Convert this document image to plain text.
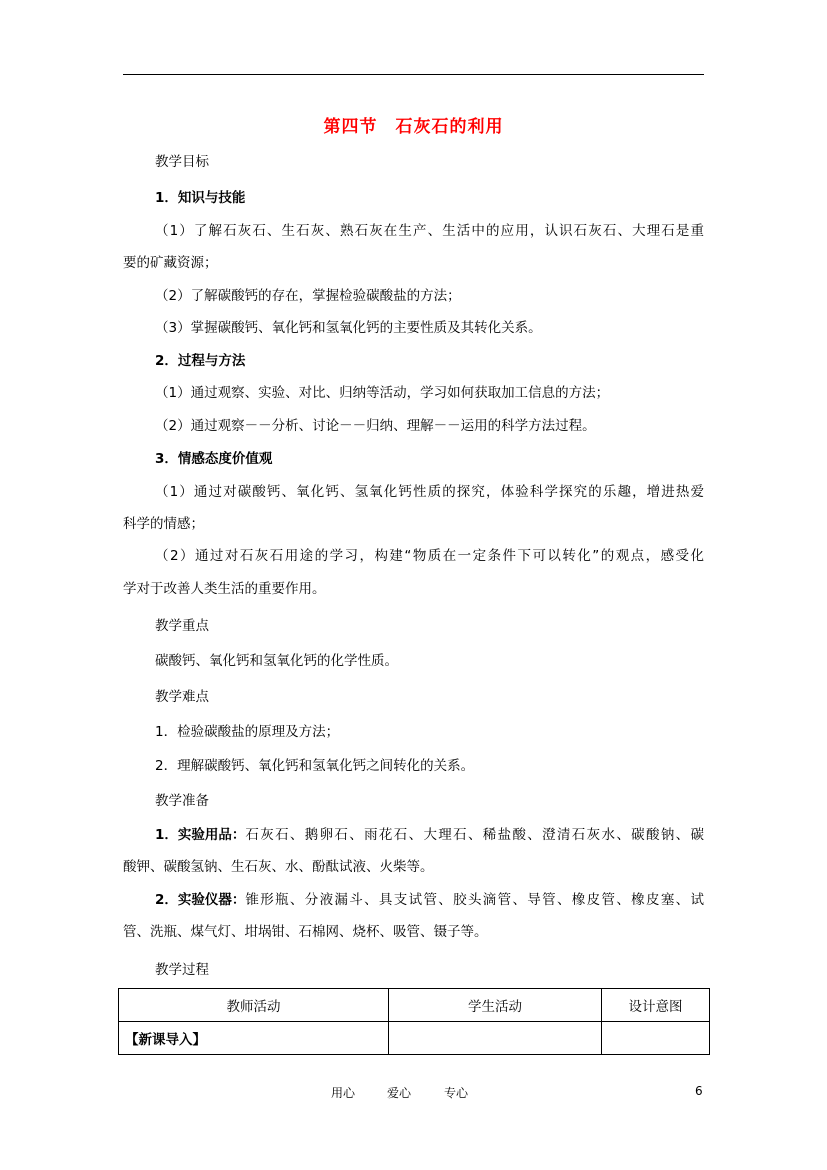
第四节　石灰石的利用
教学目标
1．知识与技能
（1）了解石灰石、生石灰、熟石灰在生产、生活中的应用，认识石灰石、大理石是重
要的矿藏资源；
（2）了解碳酸钙的存在，掌握检验碳酸盐的方法；
（3）掌握碳酸钙、氧化钙和氢氧化钙的主要性质及其转化关系。
2．过程与方法
（1）通过观察、实验、对比、归纳等活动，学习如何获取加工信息的方法；
（2）通过观察－－分析、讨论－－归纳、理解－－运用的科学方法过程。
3．情感态度价值观
（1）通过对碳酸钙、氧化钙、氢氧化钙性质的探究，体验科学探究的乐趣，增进热爱
科学的情感；
（2）通过对石灰石用途的学习，构建“物质在一定条件下可以转化”的观点，感受化
学对于改善人类生活的重要作用。
教学重点
碳酸钙、氧化钙和氢氧化钙的化学性质。
教学难点
1．检验碳酸盐的原理及方法；
2．理解碳酸钙、氧化钙和氢氧化钙之间转化的关系。
教学准备
1．实验用品： 石灰石、鹅卵石、雨花石、大理石、稀盐酸、澄清石灰水、碳酸钠、碳
酸钾、碳酸氢钠、生石灰、水、酚酞试液、火柴等。
2．实验仪器： 锥形瓶、分液漏斗、具支试管、胶头滴管、导管、橡皮管、橡皮塞、试
管、洗瓶、煤气灯、坩埚钳、石棉网、烧杯、吸管、镊子等。
教学过程
教师活动	学生活动	设计意图
【新课导入】		
用心	爱心	专心	6
